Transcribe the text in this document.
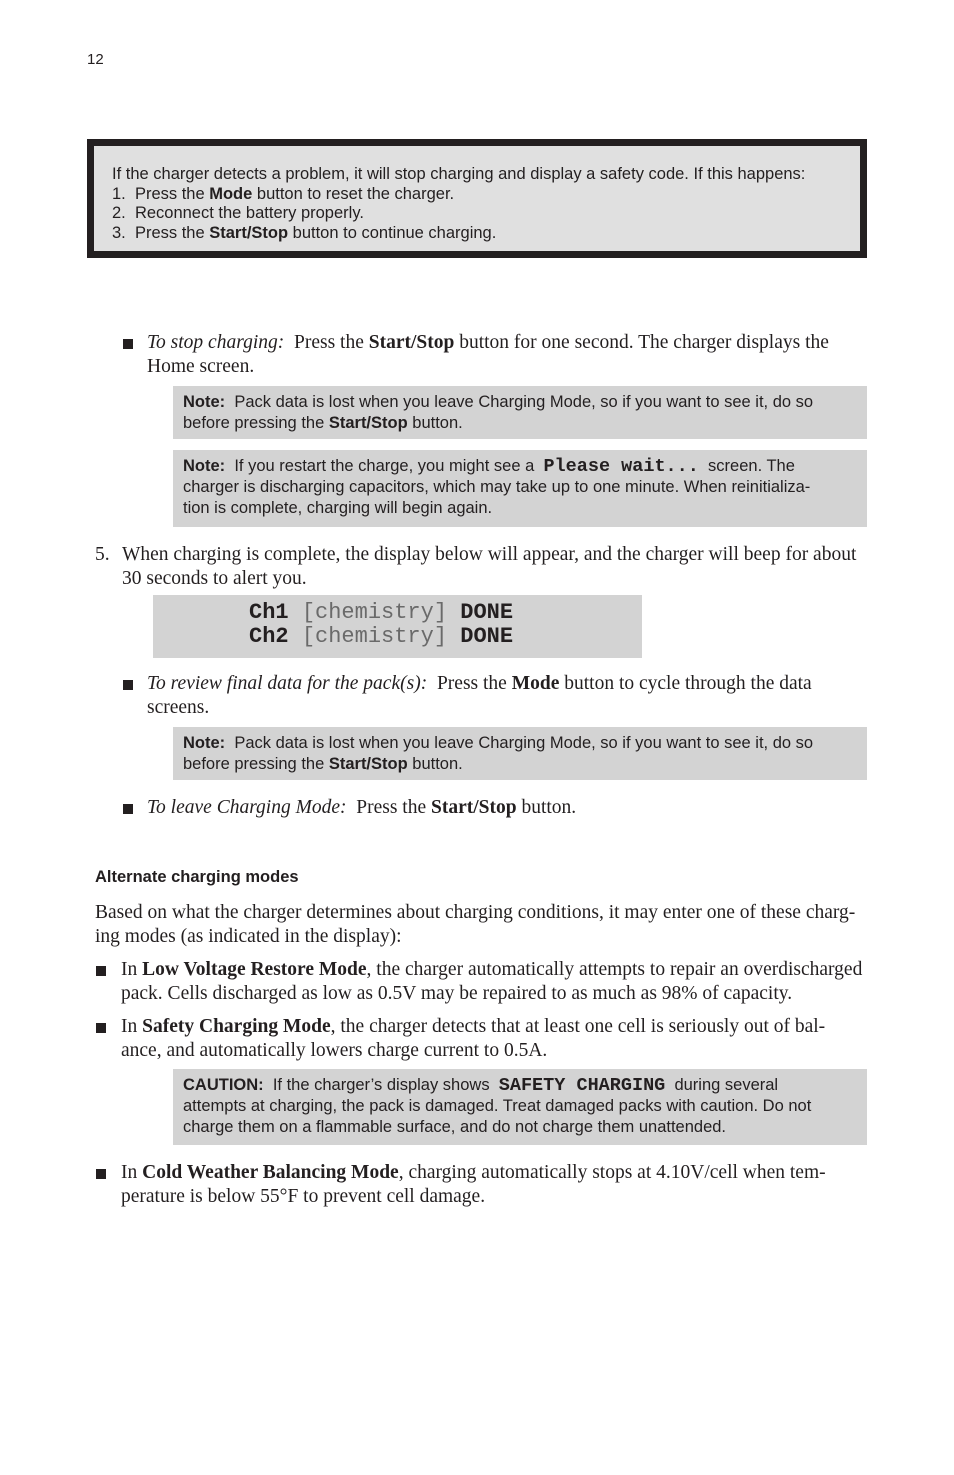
12
If the charger detects a problem, it will stop charging and display a safety code. If this happens:
1. Press the Mode button to reset the charger.
2. Reconnect the battery properly.
3. Press the Start/Stop button to continue charging.
To stop charging: Press the Start/Stop button for one second. The charger displays the
Home screen.
Note: Pack data is lost when you leave Charging Mode, so if you want to see it, do so
before pressing the Start/Stop button.
Note: If you restart the charge, you might see a Please wait... screen. The
charger is discharging capacitors, which may take up to one minute. When reinitializa-
tion is complete, charging will begin again.
5. When charging is complete, the display below will appear, and the charger will beep for about
30 seconds to alert you.
Ch1 [chemistry] DONE
Ch2 [chemistry] DONE
To review final data for the pack(s): Press the Mode button to cycle through the data
screens.
Note: Pack data is lost when you leave Charging Mode, so if you want to see it, do so
before pressing the Start/Stop button.
To leave Charging Mode: Press the Start/Stop button.
Alternate charging modes
Based on what the charger determines about charging conditions, it may enter one of these charg-
ing modes (as indicated in the display):
In Low Voltage Restore Mode, the charger automatically attempts to repair an overdischarged
pack. Cells discharged as low as 0.5V may be repaired to as much as 98% of capacity.
In Safety Charging Mode, the charger detects that at least one cell is seriously out of bal-
ance, and automatically lowers charge current to 0.5A.
CAUTION: If the charger’s display shows SAFETY CHARGING during several
attempts at charging, the pack is damaged. Treat damaged packs with caution. Do not
charge them on a flammable surface, and do not charge them unattended.
In Cold Weather Balancing Mode, charging automatically stops at 4.10V/cell when tem-
perature is below 55°F to prevent cell damage.
